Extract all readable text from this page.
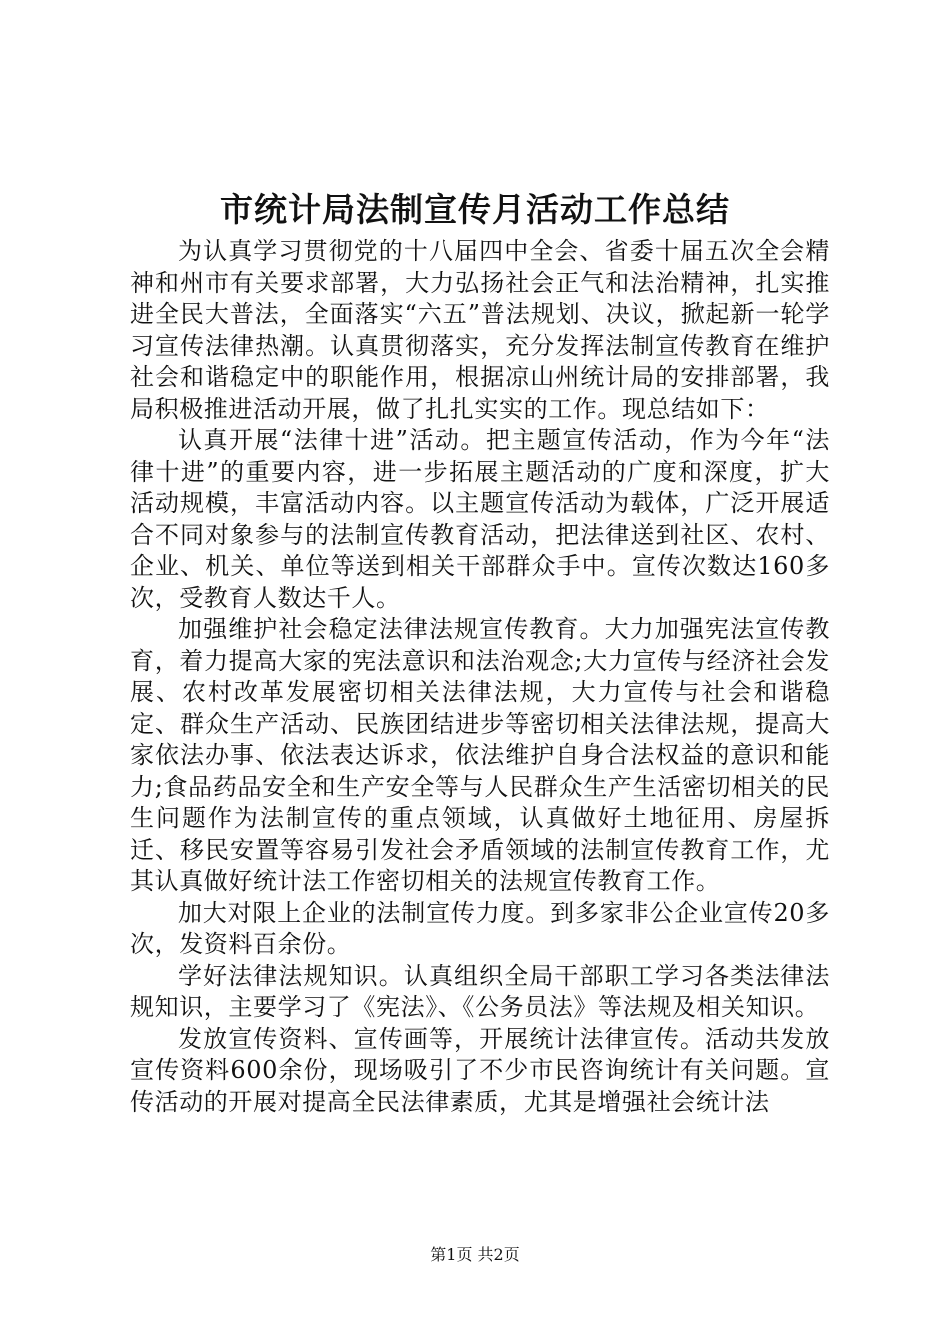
市统计局法制宣传月活动工作总结

为认真学习贯彻党的十八届四中全会、省委十届五次全会精神和州市有关要求部署，大力弘扬社会正气和法治精神，扎实推进全民大普法，全面落实“六五”普法规划、决议，掀起新一轮学习宣传法律热潮。认真贯彻落实，充分发挥法制宣传教育在维护社会和谐稳定中的职能作用，根据凉山州统计局的安排部署，我局积极推进活动开展，做了扎扎实实的工作。现总结如下：

认真开展“法律十进”活动。把主题宣传活动，作为今年“法律十进”的重要内容，进一步拓展主题活动的广度和深度，扩大活动规模，丰富活动内容。以主题宣传活动为载体，广泛开展适合不同对象参与的法制宣传教育活动，把法律送到社区、农村、企业、机关、单位等送到相关干部群众手中。宣传次数达160多次，受教育人数达千人。

加强维护社会稳定法律法规宣传教育。大力加强宪法宣传教育，着力提高大家的宪法意识和法治观念;大力宣传与经济社会发展、农村改革发展密切相关法律法规，大力宣传与社会和谐稳定、群众生产活动、民族团结进步等密切相关法律法规，提高大家依法办事、依法表达诉求，依法维护自身合法权益的意识和能力;食品药品安全和生产安全等与人民群众生产生活密切相关的民生问题作为法制宣传的重点领域，认真做好土地征用、房屋拆迁、移民安置等容易引发社会矛盾领域的法制宣传教育工作，尤其认真做好统计法工作密切相关的法规宣传教育工作。

加大对限上企业的法制宣传力度。到多家非公企业宣传20多次，发资料百余份。

学好法律法规知识。认真组织全局干部职工学习各类法律法规知识，主要学习了《宪法》、《公务员法》等法规及相关知识。

发放宣传资料、宣传画等，开展统计法律宣传。活动共发放宣传资料600余份，现场吸引了不少市民咨询统计有关问题。宣传活动的开展对提高全民法律素质，尤其是增强社会统计法

第1页 共2页
